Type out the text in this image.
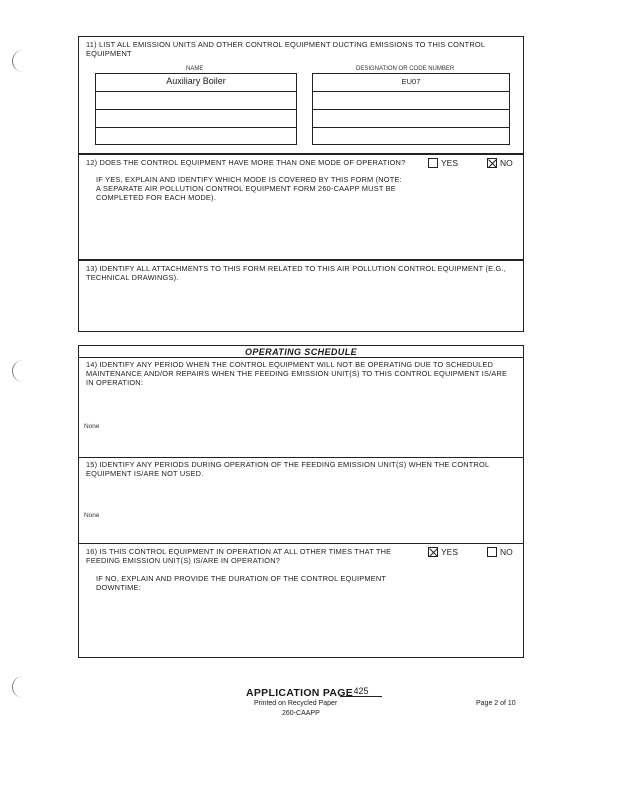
11) LIST ALL EMISSION UNITS AND OTHER CONTROL EQUIPMENT DUCTING EMISSIONS TO THIS CONTROL
EQUIPMENT
NAME	DESIGNATION OR CODE NUMBER
Auxiliary Boiler	EU07
12) DOES THE CONTROL EQUIPMENT HAVE MORE THAN ONE MODE OF OPERATION?	YES	NO
IF YES, EXPLAIN AND IDENTIFY WHICH MODE IS COVERED BY THIS FORM (NOTE:
A SEPARATE AIR POLLUTION CONTROL EQUIPMENT FORM 260-CAAPP MUST BE
COMPLETED FOR EACH MODE).
13) IDENTIFY ALL ATTACHMENTS TO THIS FORM RELATED TO THIS AIR POLLUTION CONTROL EQUIPMENT (E.G.,
TECHNICAL DRAWINGS).
OPERATING SCHEDULE
14) IDENTIFY ANY PERIOD WHEN THE CONTROL EQUIPMENT WILL NOT BE OPERATING DUE TO SCHEDULED
MAINTENANCE AND/OR REPAIRS WHEN THE FEEDING EMISSION UNIT(S) TO THIS CONTROL EQUIPMENT IS/ARE
IN OPERATION:
None
15) IDENTIFY ANY PERIODS DURING OPERATION OF THE FEEDING EMISSION UNIT(S) WHEN THE CONTROL
EQUIPMENT IS/ARE NOT USED.
None
16) IS THIS CONTROL EQUIPMENT IN OPERATION AT ALL OTHER TIMES THAT THE
FEEDING EMISSION UNIT(S) IS/ARE IN OPERATION?
YES	NO
IF NO, EXPLAIN AND PROVIDE THE DURATION OF THE CONTROL EQUIPMENT
DOWNTIME:
APPLICATION PAGE 425
Printed on Recycled Paper
260-CAAPP
Page 2 of 10
